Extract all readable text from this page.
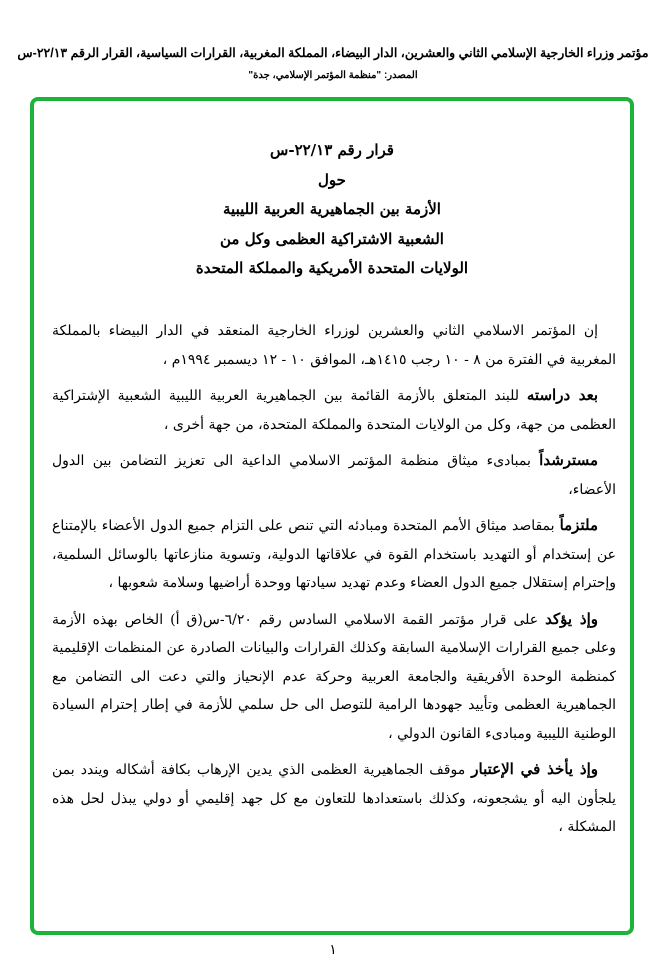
مؤتمر وزراء الخارجية الإسلامي الثاني والعشرين، الدار البيضاء، المملكة المغربية، القرارات السياسية، القرار الرقم ٢٢/١٣-س
المصدر: "منظمة المؤتمر الإسلامي، جدة"
قرار رقم ٢٢/١٣-س
حول
الأزمة بين الجماهيرية العربية الليبية
الشعبية الاشتراكية العظمى وكل من
الولايات المتحدة الأمريكية والمملكة المتحدة

إن المؤتمر الاسلامي الثاني والعشرين لوزراء الخارجية المنعقد في الدار البيضاء بالمملكة المغربية في الفترة من ٨ - ١٠ رجب ١٤١٥هـ، الموافق ١٠ - ١٢ ديسمبر ١٩٩٤م ،

بعد دراسته للبند المتعلق بالأزمة القائمة بين الجماهيرية العربية الليبية الشعبية الإشتراكية العظمى من جهة، وكل من الولايات المتحدة والمملكة المتحدة، من جهة أخرى ،

مسترشداً بمبادىء ميثاق منظمة المؤتمر الاسلامي الداعية الى تعزيز التضامن بين الدول الأعضاء،

ملتزماً بمقاصد ميثاق الأمم المتحدة ومبادئه التي تنص على التزام جميع الدول الأعضاء بالإمتناع عن إستخدام أو التهديد باستخدام القوة في علاقاتها الدولية، وتسوية منازعاتها بالوسائل السلمية، وإحترام إستقلال جميع الدول العضاء وعدم تهديد سيادتها ووحدة أراضيها وسلامة شعوبها ،

وإذ يؤكد على قرار مؤتمر القمة الاسلامي السادس رقم ٦/٢٠-س(ق أ) الخاص بهذه الأزمة وعلى جميع القرارات الإسلامية السابقة وكذلك القرارات والبيانات الصادرة عن المنظمات الإقليمية كمنظمة الوحدة الأفريقية والجامعة العربية وحركة عدم الإنحياز والتي دعت الى التضامن مع الجماهيرية العظمى وتأييد جهودها الرامية للتوصل الى حل سلمي للأزمة في إطار إحترام السيادة الوطنية الليبية ومبادىء القانون الدولي ،

وإذ يأخذ في الإعتبار موقف الجماهيرية العظمى الذي يدين الإرهاب بكافة أشكاله ويندد بمن يلجأون اليه أو يشجعونه، وكذلك باستعدادها للتعاون مع كل جهد إقليمي أو دولي يبذل لحل هذه المشكلة ،

١
